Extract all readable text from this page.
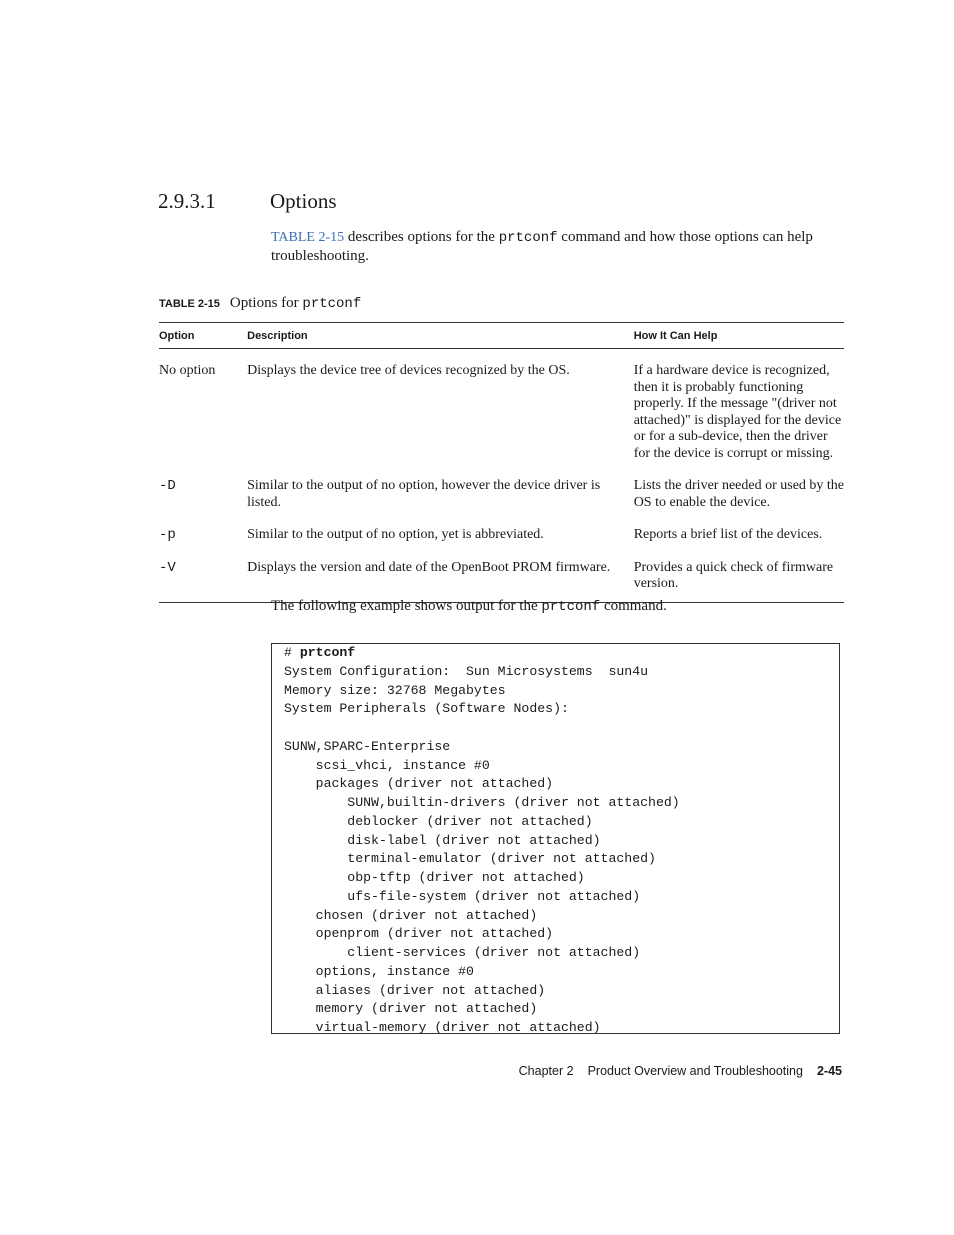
2.9.3.1	Options
TABLE 2-15 describes options for the prtconf command and how those options can help troubleshooting.
TABLE 2-15 Options for prtconf
Option	Description	How It Can Help
No option	Displays the device tree of devices recognized by the OS.	If a hardware device is recognized, then it is probably functioning properly. If the message "(driver not attached)" is displayed for the device or for a sub-device, then the driver for the device is corrupt or missing.
-D	Similar to the output of no option, however the device driver is listed.	Lists the driver needed or used by the OS to enable the device.
-p	Similar to the output of no option, yet is abbreviated.	Reports a brief list of the devices.
-V	Displays the version and date of the OpenBoot PROM firmware.	Provides a quick check of firmware version.
The following example shows output for the prtconf command.
# prtconf
System Configuration:  Sun Microsystems  sun4u
Memory size: 32768 Megabytes
System Peripherals (Software Nodes):
SUNW,SPARC-Enterprise
scsi_vhci, instance #0
packages (driver not attached)
SUNW,builtin-drivers (driver not attached)
deblocker (driver not attached)
disk-label (driver not attached)
terminal-emulator (driver not attached)
obp-tftp (driver not attached)
ufs-file-system (driver not attached)
chosen (driver not attached)
openprom (driver not attached)
client-services (driver not attached)
options, instance #0
aliases (driver not attached)
memory (driver not attached)
virtual-memory (driver not attached)
Chapter 2 Product Overview and Troubleshooting 2-45
